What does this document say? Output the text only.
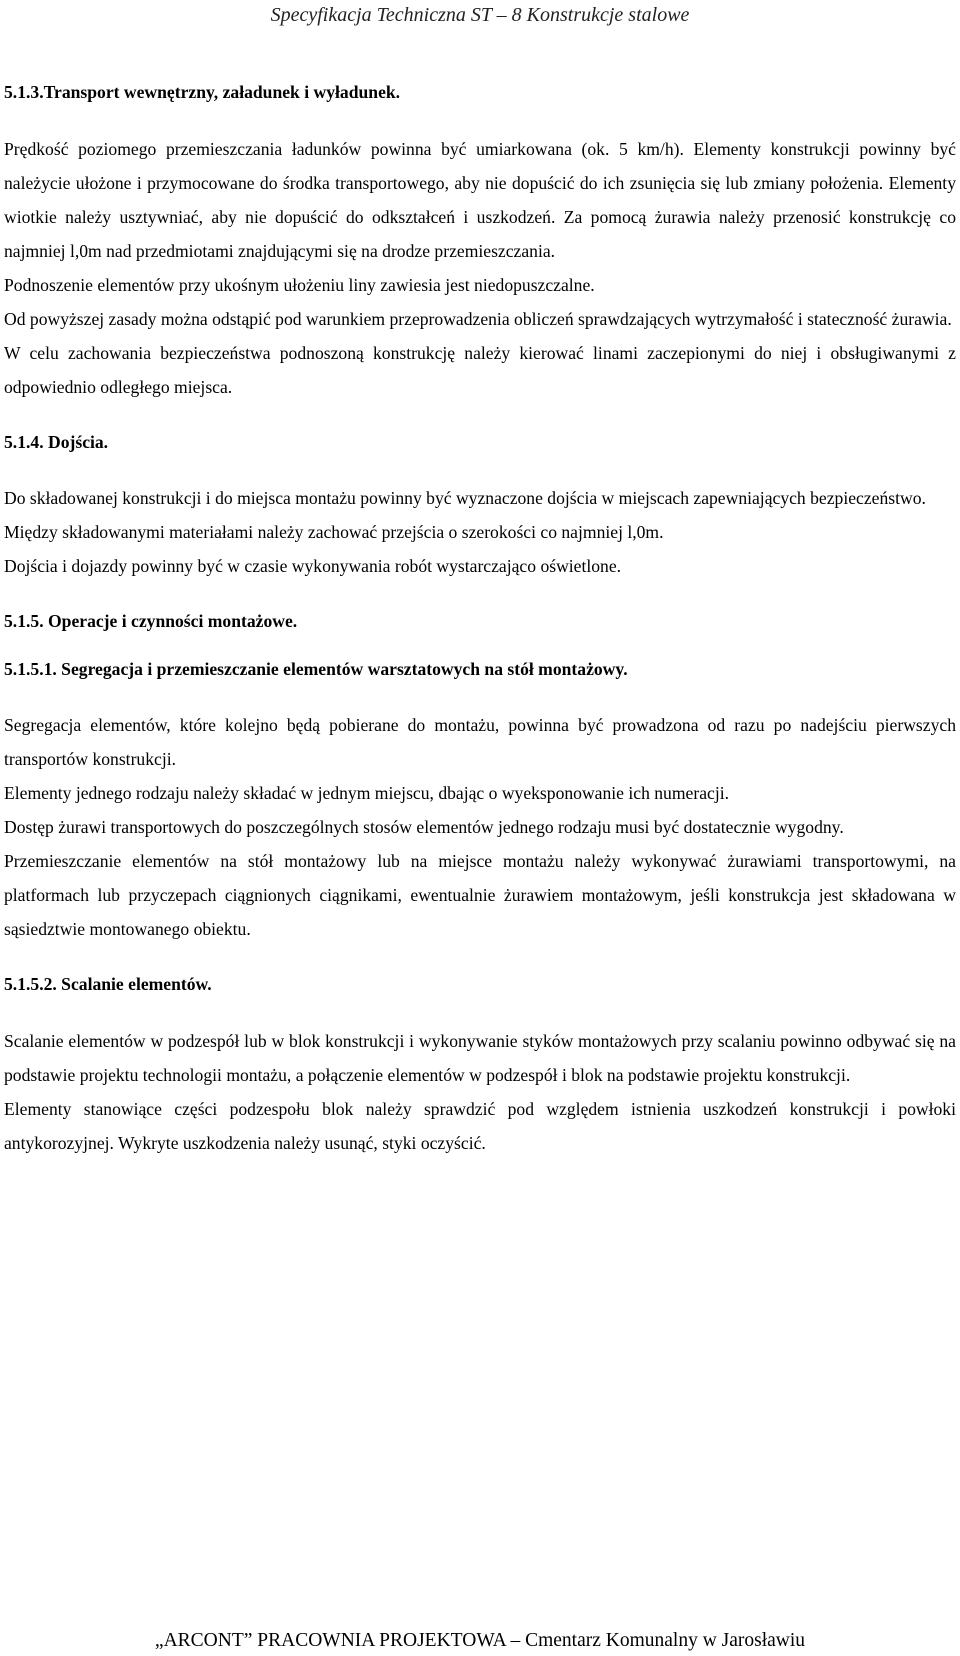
Specyfikacja Techniczna ST – 8 Konstrukcje stalowe

5.1.3.Transport wewnętrzny, załadunek i wyładunek.

Prędkość poziomego przemieszczania ładunków powinna być umiarkowana (ok. 5 km/h). Elementy konstrukcji powinny być należycie ułożone i przymocowane do środka transportowego, aby nie dopuścić do ich zsunięcia się lub zmiany położenia. Elementy wiotkie należy usztywniać, aby nie dopuścić do odkształceń i uszkodzeń. Za pomocą żurawia należy przenosić konstrukcję co najmniej l,0m nad przedmiotami znajdującymi się na drodze przemieszczania.

Podnoszenie elementów przy ukośnym ułożeniu liny zawiesia jest niedopuszczalne.

Od powyższej zasady można odstąpić pod warunkiem przeprowadzenia obliczeń sprawdzających wytrzymałość i stateczność żurawia.

W celu zachowania bezpieczeństwa podnoszoną konstrukcję należy kierować linami zaczepionymi do niej i obsługiwanymi z odpowiednio odległego miejsca.

5.1.4. Dojścia.

Do składowanej konstrukcji i do miejsca montażu powinny być wyznaczone dojścia w miejscach zapewniających bezpieczeństwo.

Między składowanymi materiałami należy zachować przejścia o szerokości co najmniej l,0m.

Dojścia i dojazdy powinny być w czasie wykonywania robót wystarczająco oświetlone.

5.1.5. Operacje i czynności montażowe.

5.1.5.1. Segregacja i przemieszczanie elementów warsztatowych na stół montażowy.

Segregacja elementów, które kolejno będą pobierane do montażu, powinna być prowadzona od razu po nadejściu pierwszych transportów konstrukcji.

Elementy jednego rodzaju należy składać w jednym miejscu, dbając o wyeksponowanie ich numeracji.

Dostęp żurawi transportowych do poszczególnych stosów elementów jednego rodzaju musi być dostatecznie wygodny.

Przemieszczanie elementów na stół montażowy lub na miejsce montażu należy wykonywać żurawiami transportowymi, na platformach lub przyczepach ciągnionych ciągnikami, ewentualnie żurawiem montażowym, jeśli konstrukcja jest składowana w sąsiedztwie montowanego obiektu.

5.1.5.2. Scalanie elementów.

Scalanie elementów w podzespół lub w blok konstrukcji i wykonywanie styków montażowych przy scalaniu powinno odbywać się na podstawie projektu technologii montażu, a połączenie elementów w podzespół i blok na podstawie projektu konstrukcji.

Elementy stanowiące części podzespołu blok należy sprawdzić pod względem istnienia uszkodzeń konstrukcji i powłoki antykorozyjnej. Wykryte uszkodzenia należy usunąć, styki oczyścić.

„ARCONT” PRACOWNIA PROJEKTOWA – Cmentarz Komunalny w Jarosławiu
